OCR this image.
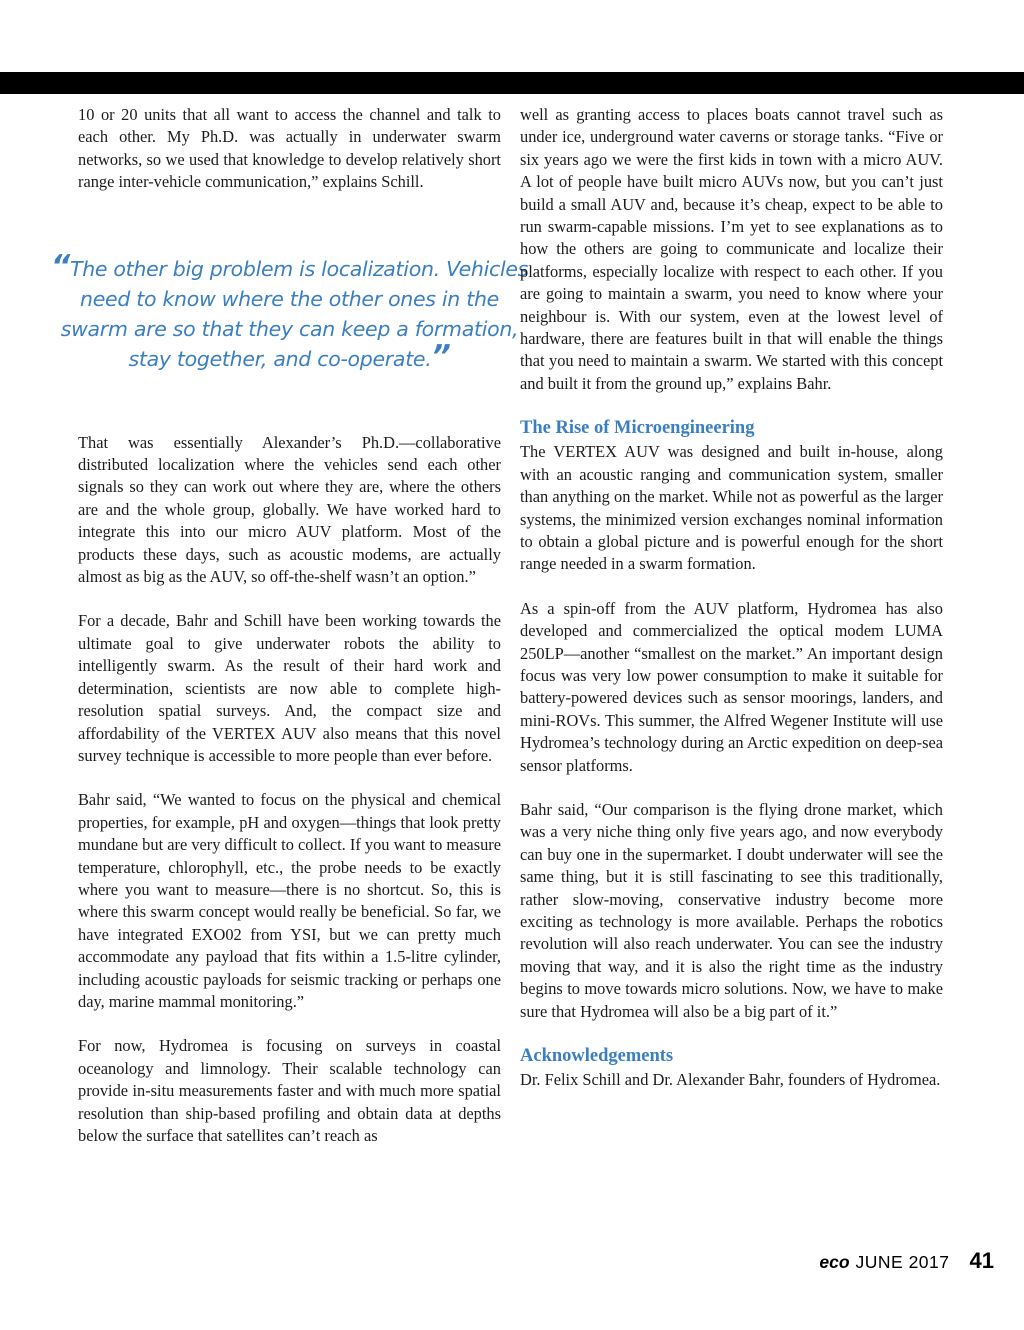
10 or 20 units that all want to access the channel and talk to each other. My Ph.D. was actually in underwater swarm networks, so we used that knowledge to develop relatively short range inter-vehicle communication,” explains Schill.

“The other big problem is localization. Vehicles need to know where the other ones in the swarm are so that they can keep a formation, stay together, and co-operate.”

That was essentially Alexander’s Ph.D.—collaborative distributed localization where the vehicles send each other signals so they can work out where they are, where the others are and the whole group, globally. We have worked hard to integrate this into our micro AUV platform. Most of the products these days, such as acoustic modems, are actually almost as big as the AUV, so off-the-shelf wasn’t an option.”

For a decade, Bahr and Schill have been working towards the ultimate goal to give underwater robots the ability to intelligently swarm. As the result of their hard work and determination, scientists are now able to complete high-resolution spatial surveys. And, the compact size and affordability of the VERTEX AUV also means that this novel survey technique is accessible to more people than ever before.

Bahr said, “We wanted to focus on the physical and chemical properties, for example, pH and oxygen—things that look pretty mundane but are very difficult to collect. If you want to measure temperature, chlorophyll, etc., the probe needs to be exactly where you want to measure—there is no shortcut. So, this is where this swarm concept would really be beneficial. So far, we have integrated EXO02 from YSI, but we can pretty much accommodate any payload that fits within a 1.5-litre cylinder, including acoustic payloads for seismic tracking or perhaps one day, marine mammal monitoring.”

For now, Hydromea is focusing on surveys in coastal oceanology and limnology. Their scalable technology can provide in-situ measurements faster and with much more spatial resolution than ship-based profiling and obtain data at depths below the surface that satellites can’t reach as

well as granting access to places boats cannot travel such as under ice, underground water caverns or storage tanks. “Five or six years ago we were the first kids in town with a micro AUV. A lot of people have built micro AUVs now, but you can’t just build a small AUV and, because it’s cheap, expect to be able to run swarm-capable missions. I’m yet to see explanations as to how the others are going to communicate and localize their platforms, especially localize with respect to each other. If you are going to maintain a swarm, you need to know where your neighbour is. With our system, even at the lowest level of hardware, there are features built in that will enable the things that you need to maintain a swarm. We started with this concept and built it from the ground up,” explains Bahr.

The Rise of Microengineering

The VERTEX AUV was designed and built in-house, along with an acoustic ranging and communication system, smaller than anything on the market. While not as powerful as the larger systems, the minimized version exchanges nominal information to obtain a global picture and is powerful enough for the short range needed in a swarm formation.

As a spin-off from the AUV platform, Hydromea has also developed and commercialized the optical modem LUMA 250LP—another “smallest on the market.” An important design focus was very low power consumption to make it suitable for battery-powered devices such as sensor moorings, landers, and mini-ROVs. This summer, the Alfred Wegener Institute will use Hydromea’s technology during an Arctic expedition on deep-sea sensor platforms.

Bahr said, “Our comparison is the flying drone market, which was a very niche thing only five years ago, and now everybody can buy one in the supermarket. I doubt underwater will see the same thing, but it is still fascinating to see this traditionally, rather slow-moving, conservative industry become more exciting as technology is more available. Perhaps the robotics revolution will also reach underwater. You can see the industry moving that way, and it is also the right time as the industry begins to move towards micro solutions. Now, we have to make sure that Hydromea will also be a big part of it.”

Acknowledgements

Dr. Felix Schill and Dr. Alexander Bahr, founders of Hydromea.

eco JUNE 2017 41
